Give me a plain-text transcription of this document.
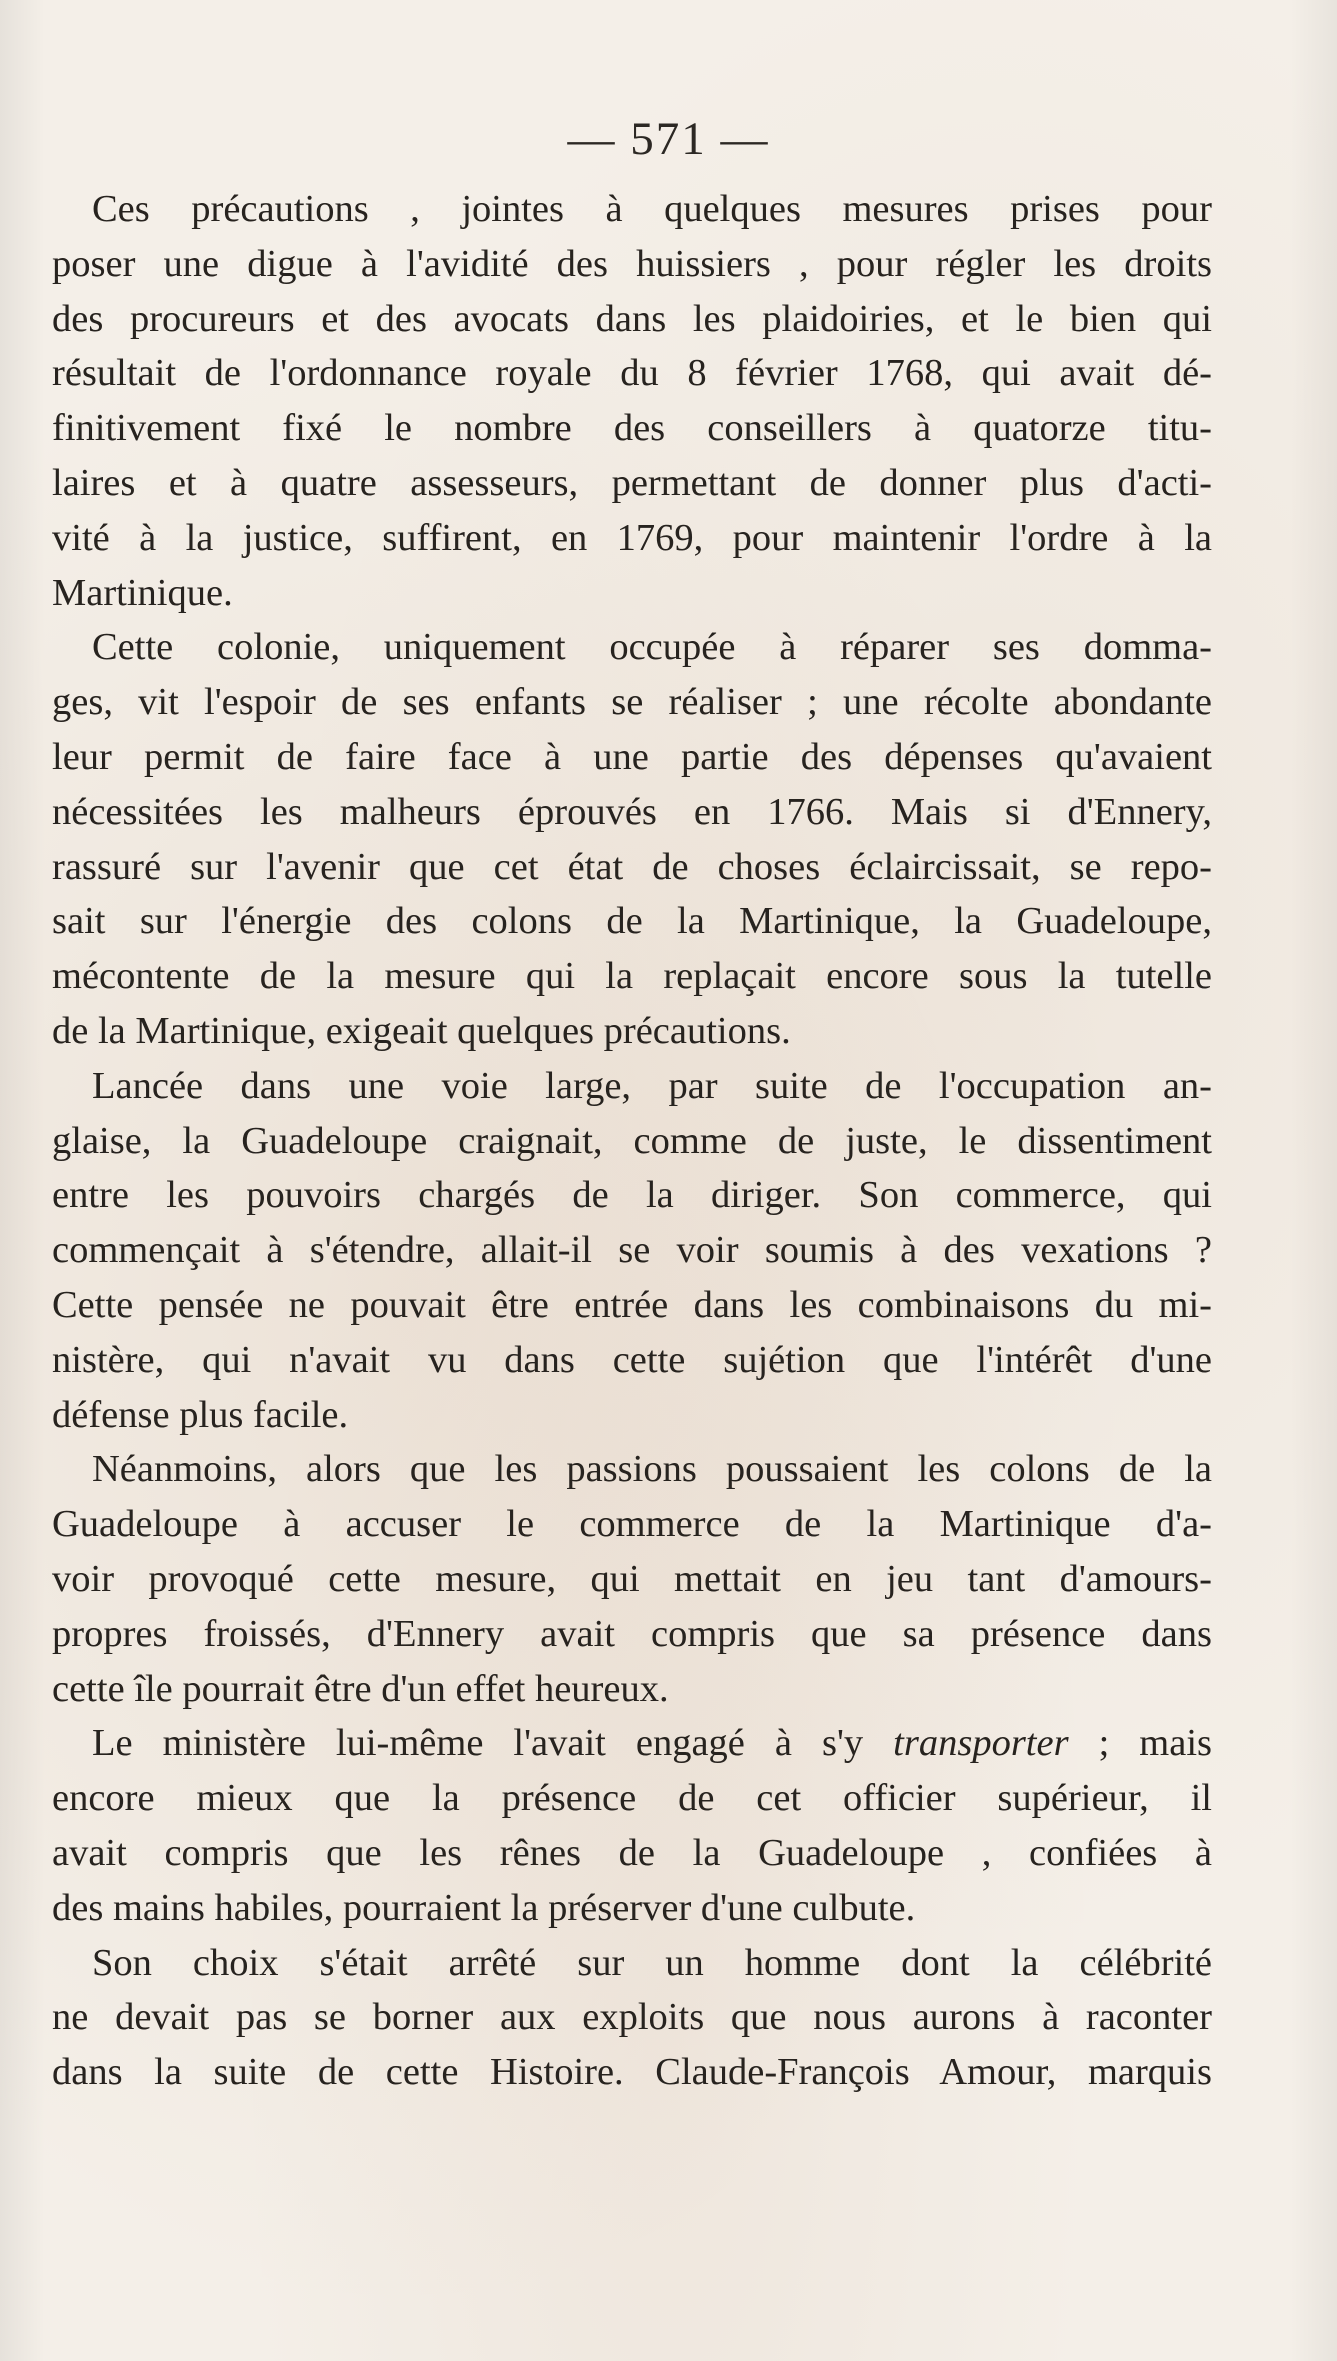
— 571 —
Ces précautions , jointes à quelques mesures prises pour
poser une digue à l'avidité des huissiers , pour régler les droits
des procureurs et des avocats dans les plaidoiries, et le bien qui
résultait de l'ordonnance royale du 8 février 1768, qui avait dé-
finitivement fixé le nombre des conseillers à quatorze titu-
laires et à quatre assesseurs, permettant de donner plus d'acti-
vité à la justice, suffirent, en 1769, pour maintenir l'ordre à la
Martinique.
Cette colonie, uniquement occupée à réparer ses domma-
ges, vit l'espoir de ses enfants se réaliser ; une récolte abondante
leur permit de faire face à une partie des dépenses qu'avaient
nécessitées les malheurs éprouvés en 1766. Mais si d'Ennery,
rassuré sur l'avenir que cet état de choses éclaircissait, se repo-
sait sur l'énergie des colons de la Martinique, la Guadeloupe,
mécontente de la mesure qui la replaçait encore sous la tutelle
de la Martinique, exigeait quelques précautions.
Lancée dans une voie large, par suite de l'occupation an-
glaise, la Guadeloupe craignait, comme de juste, le dissentiment
entre les pouvoirs chargés de la diriger. Son commerce, qui
commençait à s'étendre, allait-il se voir soumis à des vexations ?
Cette pensée ne pouvait être entrée dans les combinaisons du mi-
nistère, qui n'avait vu dans cette sujétion que l'intérêt d'une
défense plus facile.
Néanmoins, alors que les passions poussaient les colons de la
Guadeloupe à accuser le commerce de la Martinique d'a-
voir provoqué cette mesure, qui mettait en jeu tant d'amours-
propres froissés, d'Ennery avait compris que sa présence dans
cette île pourrait être d'un effet heureux.
Le ministère lui-même l'avait engagé à s'y transporter ; mais
encore mieux que la présence de cet officier supérieur, il
avait compris que les rênes de la Guadeloupe , confiées à
des mains habiles, pourraient la préserver d'une culbute.
Son choix s'était arrêté sur un homme dont la célébrité
ne devait pas se borner aux exploits que nous aurons à raconter
dans la suite de cette Histoire. Claude-François Amour, marquis
